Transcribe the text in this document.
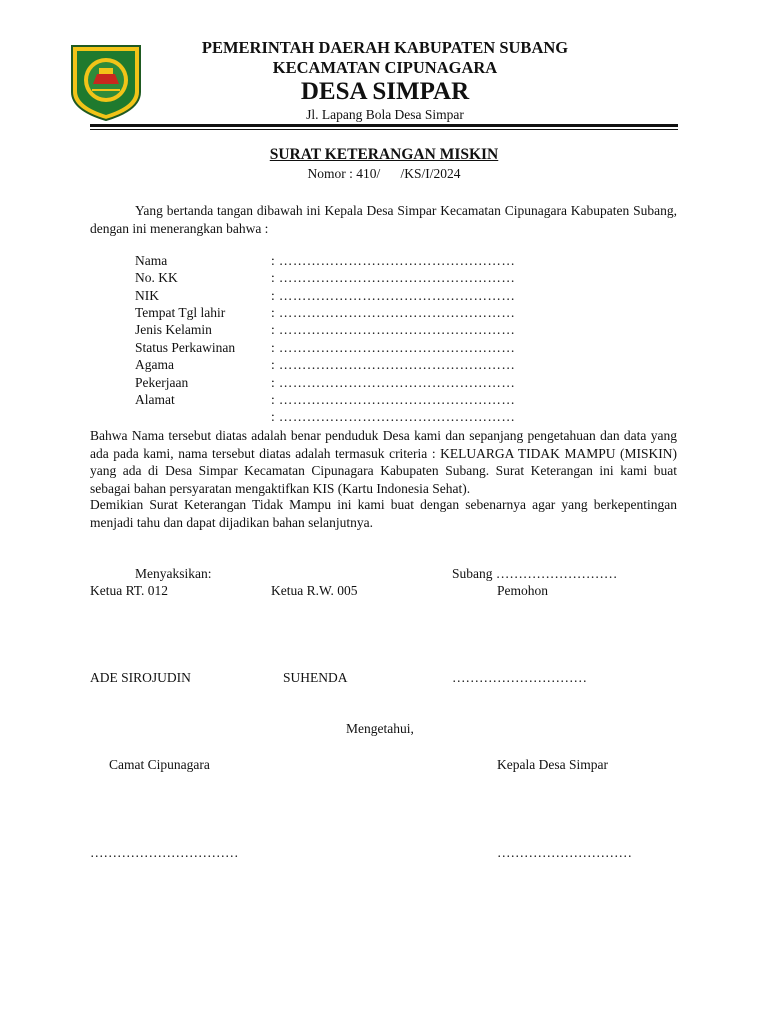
PEMERINTAH DAERAH KABUPATEN SUBANG
KECAMATAN CIPUNAGARA
DESA SIMPAR
Jl. Lapang Bola Desa Simpar
SURAT KETERANGAN MISKIN
Nomor : 410/      /KS/I/2024
Yang bertanda tangan dibawah ini Kepala Desa Simpar Kecamatan Cipunagara Kabupaten Subang, dengan ini menerangkan bahwa :
Nama	: ……………………………………………
No. KK	: ……………………………………………
NIK	: ……………………………………………
Tempat Tgl lahir	: ……………………………………………
Jenis Kelamin	: ……………………………………………
Status Perkawinan	: ……………………………………………
Agama	: ……………………………………………
Pekerjaan	: ……………………………………………
Alamat	: ……………………………………………
: ……………………………………………
Bahwa Nama tersebut diatas adalah benar penduduk Desa kami dan sepanjang pengetahuan dan data yang ada pada kami, nama tersebut diatas adalah termasuk criteria : KELUARGA TIDAK MAMPU (MISKIN) yang ada di Desa Simpar Kecamatan Cipunagara Kabupaten Subang. Surat Keterangan ini kami buat sebagai bahan persyaratan mengaktifkan KIS (Kartu Indonesia Sehat).
Demikian Surat Keterangan Tidak Mampu ini kami buat dengan sebenarnya agar yang berkepentingan menjadi tahu dan dapat dijadikan bahan selanjutnya.
Menyaksikan:	Subang ………………………
Ketua RT. 012	Ketua R.W. 005	Pemohon
ADE SIROJUDIN	SUHENDA	…………………………
Mengetahui,
Camat Cipunagara	Kepala Desa Simpar
……………………………	…………………………
